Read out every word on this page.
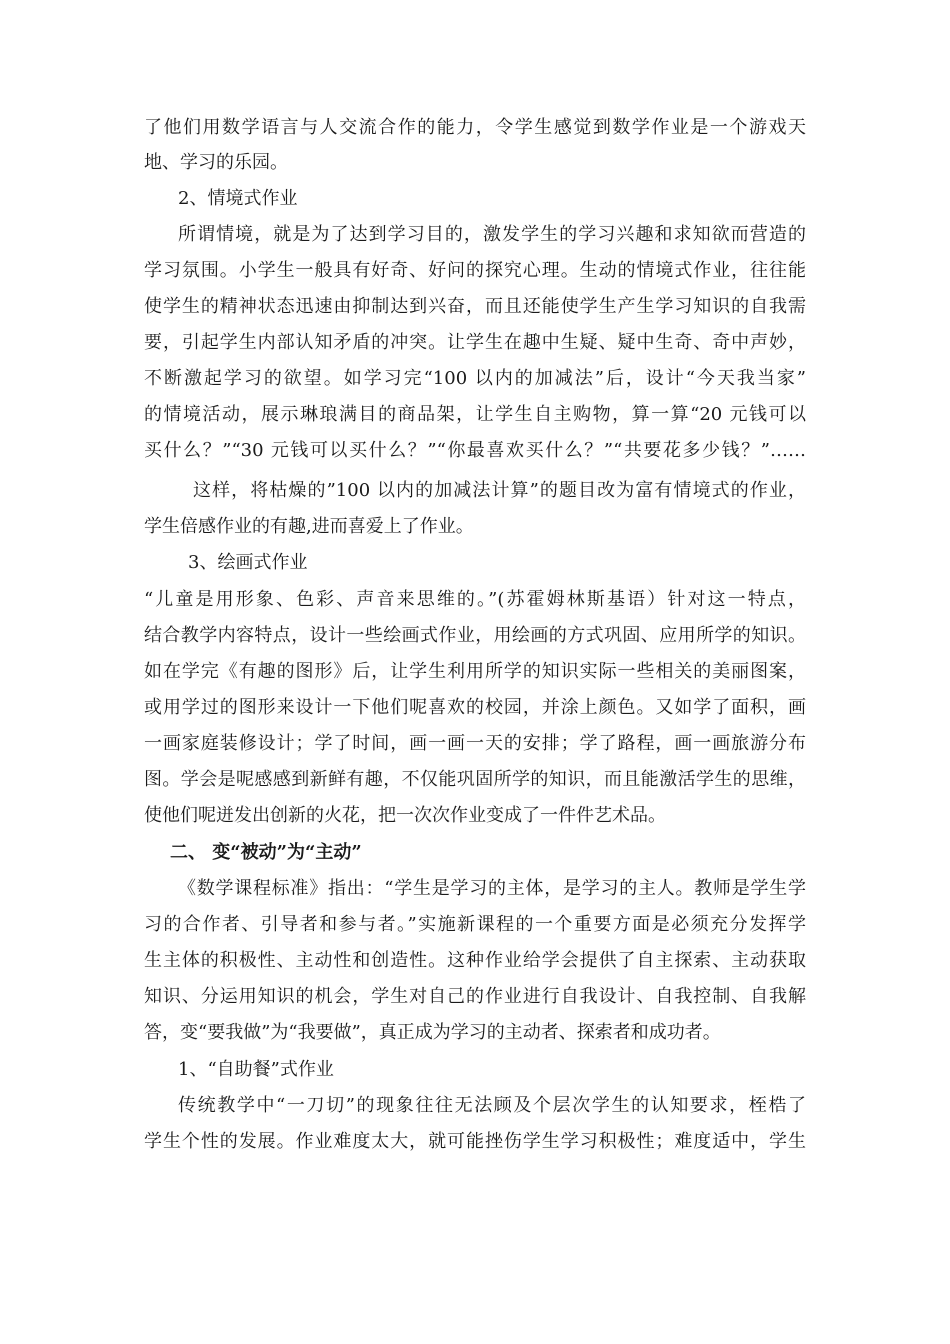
了他们用数学语言与人交流合作的能力，令学生感觉到数学作业是一个游戏天
地、学习的乐园。
2、情境式作业
所谓情境，就是为了达到学习目的，激发学生的学习兴趣和求知欲而营造的
学习氛围。小学生一般具有好奇、好问的探究心理。生动的情境式作业，往往能
使学生的精神状态迅速由抑制达到兴奋，而且还能使学生产生学习知识的自我需
要，引起学生内部认知矛盾的冲突。让学生在趣中生疑、疑中生奇、奇中声妙，
不断激起学习的欲望。如学习完“100 以内的加减法”后，设计“今天我当家”
的情境活动，展示琳琅满目的商品架，让学生自主购物，算一算“20 元钱可以
买什么？”“30 元钱可以买什么？”“你最喜欢买什么？”“共要花多少钱？”……
这样，将枯燥的”100 以内的加减法计算”的题目改为富有情境式的作业，
学生倍感作业的有趣,进而喜爱上了作业。
3、绘画式作业
“儿童是用形象、色彩、声音来思维的。”(苏霍姆林斯基语）针对这一特点，
结合教学内容特点，设计一些绘画式作业，用绘画的方式巩固、应用所学的知识。
如在学完《有趣的图形》后，让学生利用所学的知识实际一些相关的美丽图案，
或用学过的图形来设计一下他们呢喜欢的校园，并涂上颜色。又如学了面积，画
一画家庭装修设计；学了时间，画一画一天的安排；学了路程，画一画旅游分布
图。学会是呢感感到新鲜有趣，不仅能巩固所学的知识，而且能激活学生的思维，
使他们呢迸发出创新的火花，把一次次作业变成了一件件艺术品。
二、 变“被动”为“主动”
《数学课程标准》指出：“学生是学习的主体，是学习的主人。教师是学生学
习的合作者、引导者和参与者。”实施新课程的一个重要方面是必须充分发挥学
生主体的积极性、主动性和创造性。这种作业给学会提供了自主探索、主动获取
知识、分运用知识的机会，学生对自己的作业进行自我设计、自我控制、自我解
答，变“要我做”为“我要做”，真正成为学习的主动者、探索者和成功者。
1、“自助餐”式作业
传统教学中“一刀切”的现象往往无法顾及个层次学生的认知要求，桎梏了
学生个性的发展。作业难度太大，就可能挫伤学生学习积极性；难度适中，学生
